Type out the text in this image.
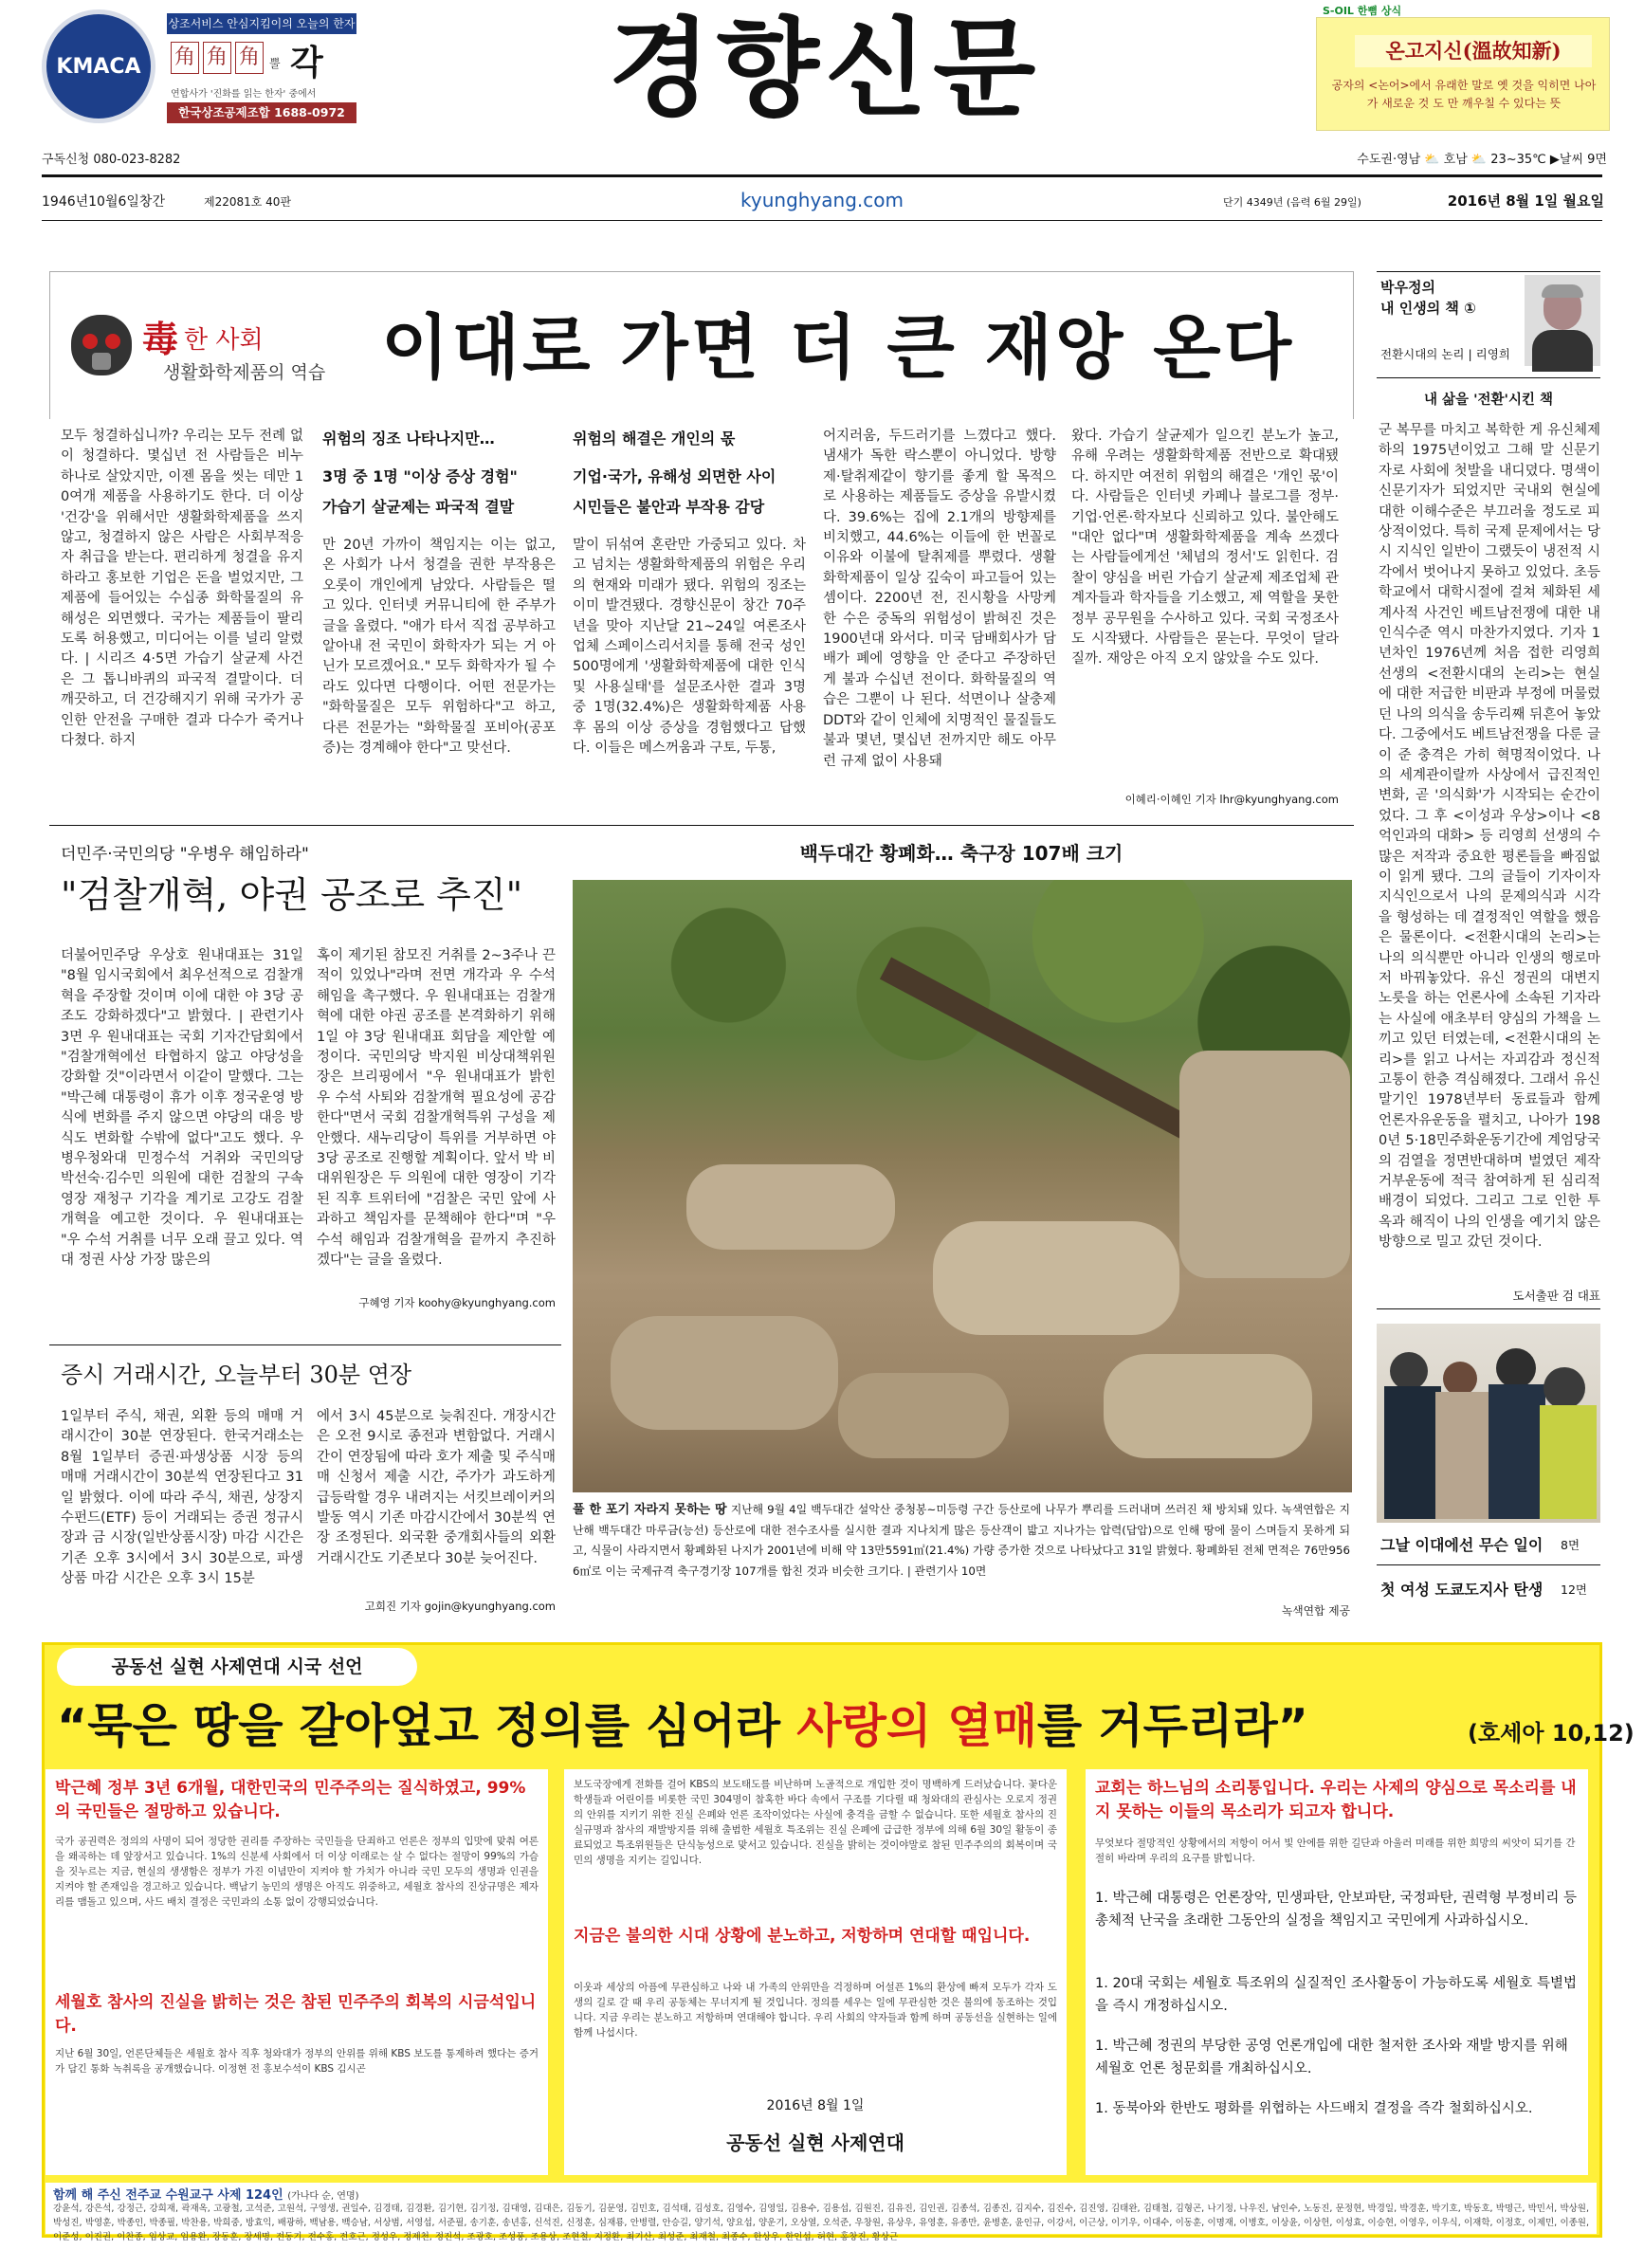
KMACA
상조서비스 안심지킴이의 오늘의 한자
角 角 角 뿔 각
연합사가 '진화를 읽는 한자' 중에서
한국상조공제조합 1688-0972	경향신문	S-OIL 한뼘 상식
온고지신(溫故知新)
공자의 <논어>에서 유래한 말로 옛 것을 익히면 나아가 새로운 것 도 만 깨우칠 수 있다는 뜻
구독신청 080-023-8282	수도권·영남 ⛅ 호남 ⛅ 23~35℃ ▶날씨 9면
1946년10월6일창간	제22081호 40판	kyunghyang.com	단기 4349년 (음력 6월 29일)	2016년 8월 1일 월요일
毒 한 사회
생활화학제품의 역습 이대로 가면 더 큰 재앙 온다
모두 청결하십니까? 우리는 모두 전례 없이 청결하다. 몇십년 전 사람들은 비누 하나로 살았지만, 이젠 몸을 씻는 데만 10여개 제품을 사용하기도 한다. 더 이상 '건강'을 위해서만 생활화학제품을 쓰지 않고, 청결하지 않은 사람은 사회부적응자 취급을 받는다. 편리하게 청결을 유지하라고 홍보한 기업은 돈을 벌었지만, 그 제품에 들어있는 수십종 화학물질의 유해성은 외면했다. 국가는 제품들이 팔리도록 허용했고, 미디어는 이를 널리 알렸다. | 시리즈 4·5면 가습기 살균제 사건은 그 톱니바퀴의 파국적 결말이다. 더 깨끗하고, 더 건강해지기 위해 국가가 공인한 안전을 구매한 결과 다수가 죽거나 다쳤다. 하지
위험의 징조 나타나지만…
3명 중 1명 "이상 증상 경험"
가습기 살균제는 파국적 결말
만 20년 가까이 책임지는 이는 없고, 온 사회가 나서 청결을 권한 부작용은 오롯이 개인에게 남았다. 사람들은 떨고 있다. 인터넷 커뮤니티에 한 주부가 글을 올렸다. "애가 타서 직접 공부하고 알아내 전 국민이 화학자가 되는 거 아닌가 모르겠어요." 모두 화학자가 될 수라도 있다면 다행이다. 어떤 전문가는 "화학물질은 모두 위험하다"고 하고, 다른 전문가는 "화학물질 포비아(공포증)는 경계해야 한다"고 맞선다.
위험의 해결은 개인의 몫
기업·국가, 유해성 외면한 사이
시민들은 불안과 부작용 감당
말이 뒤섞여 혼란만 가중되고 있다. 차고 넘치는 생활화학제품의 위험은 우리의 현재와 미래가 됐다. 위험의 징조는 이미 발견됐다. 경향신문이 창간 70주년을 맞아 지난달 21~24일 여론조사업체 스페이스리서치를 통해 전국 성인 500명에게 '생활화학제품에 대한 인식 및 사용실태'를 설문조사한 결과 3명 중 1명(32.4%)은 생활화학제품 사용 후 몸의 이상 증상을 경험했다고 답했다. 이들은 메스꺼움과 구토, 두통,
어지러움, 두드러기를 느꼈다고 했다. 냄새가 독한 락스뿐이 아니었다. 방향제·탈취제같이 향기를 좋게 할 목적으로 사용하는 제품들도 증상을 유발시켰다. 39.6%는 집에 2.1개의 방향제를 비치했고, 44.6%는 이들에 한 번꼴로 이유와 이불에 탈취제를 뿌렸다. 생활화학제품이 일상 깊숙이 파고들어 있는 셈이다. 2200년 전, 진시황을 사망케 한 수은 중독의 위험성이 밝혀진 것은 1900년대 와서다. 미국 담배회사가 담배가 폐에 영향을 안 준다고 주장하던 게 불과 수십년 전이다. 화학물질의 역습은 그뿐이 나 된다. 석면이나 살충제 DDT와 같이 인체에 치명적인 물질들도 불과 몇년, 몇십년 전까지만 해도 아무런 규제 없이 사용돼
왔다. 가습기 살균제가 일으킨 분노가 높고, 유해 우려는 생활화학제품 전반으로 확대됐다. 하지만 여전히 위험의 해결은 '개인 몫'이다. 사람들은 인터넷 카페나 블로그를 정부·기업·언론·학자보다 신뢰하고 있다. 불안해도 "대안 없다"며 생활화학제품을 계속 쓰겠다는 사람들에게선 '체념의 정서'도 읽힌다. 검찰이 양심을 버린 가습기 살균제 제조업체 관계자들과 학자들을 기소했고, 제 역할을 못한 정부 공무원을 수사하고 있다. 국회 국정조사도 시작됐다. 사람들은 묻는다. 무엇이 달라질까. 재앙은 아직 오지 않았을 수도 있다.
이혜리·이혜인 기자 lhr@kyunghyang.com
박우정의
내 인생의 책 ①
전환시대의 논리 | 리영희
내 삶을 '전환'시킨 책
군 복무를 마치고 복학한 게 유신체제 하의 1975년이었고 그해 말 신문기자로 사회에 첫발을 내디뎠다. 명색이 신문기자가 되었지만 국내외 현실에 대한 이해수준은 부끄러울 정도로 피상적이었다. 특히 국제 문제에서는 당시 지식인 일반이 그랬듯이 냉전적 시각에서 벗어나지 못하고 있었다. 초등학교에서 대학시절에 걸쳐 체화된 세계사적 사건인 베트남전쟁에 대한 내 인식수준 역시 마찬가지였다. 기자 1년차인 1976년께 처음 접한 리영희 선생의 <전환시대의 논리>는 현실에 대한 저급한 비판과 부정에 머물렀던 나의 의식을 송두리째 뒤흔어 놓았다. 그중에서도 베트남전쟁을 다룬 글이 준 충격은 가히 혁명적이었다. 나의 세계관이랄까 사상에서 급진적인 변화, 곧 '의식화'가 시작되는 순간이었다. 그 후 <이성과 우상>이나 <8억인과의 대화> 등 리영희 선생의 수많은 저작과 중요한 평론들을 빠짐없이 읽게 됐다. 그의 글들이 기자이자 지식인으로서 나의 문제의식과 시각을 형성하는 데 결정적인 역할을 했음은 물론이다. <전환시대의 논리>는 나의 의식뿐만 아니라 인생의 행로마저 바꿔놓았다. 유신 정권의 대변지 노릇을 하는 언론사에 소속된 기자라는 사실에 애초부터 양심의 가책을 느끼고 있던 터였는데, <전환시대의 논리>를 읽고 나서는 자괴감과 정신적 고통이 한층 격심해졌다. 그래서 유신 말기인 1978년부터 동료들과 함께 언론자유운동을 펼치고, 나아가 1980년 5·18민주화운동기간에 계엄당국의 검열을 정면반대하며 벌였던 제작거부운동에 적극 참여하게 된 심리적 배경이 되었다. 그리고 그로 인한 투옥과 해직이 나의 인생을 예기치 않은 방향으로 밀고 갔던 것이다.
도서출판 검 대표
그날 이대에선 무슨 일이 8면
첫 여성 도쿄도지사 탄생 12면
더민주·국민의당 "우병우 해임하라"
"검찰개혁, 야권 공조로 추진"
더불어민주당 우상호 원내대표는 31일 "8월 임시국회에서 최우선적으로 검찰개혁을 주장할 것이며 이에 대한 야 3당 공조도 강화하겠다"고 밝혔다. | 관련기사 3면 우 원내대표는 국회 기자간담회에서 "검찰개혁에선 타협하지 않고 야당성을 강화할 것"이라면서 이같이 말했다. 그는 "박근혜 대통령이 휴가 이후 정국운영 방식에 변화를 주지 않으면 야당의 대응 방식도 변화할 수밖에 없다"고도 했다. 우병우청와대 민정수석 거취와 국민의당 박선숙·김수민 의원에 대한 검찰의 구속영장 재청구 기각을 계기로 고강도 검찰개혁을 예고한 것이다. 우 원내대표는 "우 수석 거취를 너무 오래 끌고 있다. 역대 정권 사상 가장 많은의
혹이 제기된 참모진 거취를 2~3주나 끈적이 있었나"라며 전면 개각과 우 수석 해임을 촉구했다. 우 원내대표는 검찰개혁에 대한 야권 공조를 본격화하기 위해 1일 야 3당 원내대표 회담을 제안할 예정이다. 국민의당 박지원 비상대책위원장은 브리핑에서 "우 원내대표가 밝힌 우 수석 사퇴와 검찰개혁 필요성에 공감한다"면서 국회 검찰개혁특위 구성을 제안했다. 새누리당이 특위를 거부하면 야 3당 공조로 진행할 계획이다. 앞서 박 비대위원장은 두 의원에 대한 영장이 기각된 직후 트위터에 "검찰은 국민 앞에 사과하고 책임자를 문책해야 한다"며 "우 수석 해임과 검찰개혁을 끝까지 추진하겠다"는 글을 올렸다.
구혜영 기자 koohy@kyunghyang.com
증시 거래시간, 오늘부터 30분 연장
1일부터 주식, 채권, 외환 등의 매매 거래시간이 30분 연장된다. 한국거래소는 8월 1일부터 증권·파생상품 시장 등의 매매 거래시간이 30분씩 연장된다고 31일 밝혔다. 이에 따라 주식, 채권, 상장지수펀드(ETF) 등이 거래되는 증권 정규시장과 금 시장(일반상품시장) 마감 시간은 기존 오후 3시에서 3시 30분으로, 파생상품 마감 시간은 오후 3시 15분
에서 3시 45분으로 늦춰진다. 개장시간은 오전 9시로 종전과 변함없다. 거래시간이 연장됨에 따라 호가 제출 및 주식매매 신청서 제출 시간, 주가가 과도하게 급등락할 경우 내려지는 서킷브레이커의 발동 역시 기존 마감시간에서 30분씩 연장 조정된다. 외국환 중개회사들의 외환 거래시간도 기존보다 30분 늦어진다.
고희진 기자 gojin@kyunghyang.com
백두대간 황폐화… 축구장 107배 크기
풀 한 포기 자라지 못하는 땅 지난해 9월 4일 백두대간 설악산 중청봉~미등령 구간 등산로에 나무가 뿌리를 드러내며 쓰러진 채 방치돼 있다. 녹색연합은 지난해 백두대간 마루금(능선) 등산로에 대한 전수조사를 실시한 결과 지나치게 많은 등산객이 밟고 지나가는 압력(답압)으로 인해 땅에 물이 스며들지 못하게 되고, 식물이 사라지면서 황폐화된 나지가 2001년에 비해 약 13만5591㎡(21.4%) 가량 증가한 것으로 나타났다고 31일 밝혔다. 황폐화된 전체 면적은 76만9566㎡로 이는 국제규격 축구경기장 107개를 합친 것과 비슷한 크기다. | 관련기사 10면
녹색연합 제공
공동선 실현 사제연대 시국 선언
“묵은 땅을 갈아엎고 정의를 심어라 사랑의 열매를 거두리라”	(호세아 10,12)
박근혜 정부 3년 6개월, 대한민국의 민주주의는 질식하였고, 99%의 국민들은 절망하고 있습니다.
국가 공권력은 정의의 사명이 되어 정당한 권리를 주장하는 국민들을 단죄하고 언론은 정부의 입맛에 맞춰 여론을 왜곡하는 데 앞장서고 있습니다. 1%의 신분세 사회에서 더 이상 이래로는 살 수 없다는 절망이 99%의 가슴을 짓누르는 지금, 현실의 생생함은 정부가 가진 이념만이 지켜야 할 가치가 아니라 국민 모두의 생명과 인권을 지켜야 할 존재임을 경고하고 있습니다. 백남기 농민의 생명은 아직도 위중하고, 세월호 참사의 진상규명은 제자리를 맴돌고 있으며, 사드 배치 결정은 국민과의 소통 없이 강행되었습니다.
세월호 참사의 진실을 밝히는 것은 참된 민주주의 회복의 시금석입니다.
지난 6월 30일, 언론단체들은 세월호 참사 직후 청와대가 정부의 안위를 위해 KBS 보도를 통제하려 했다는 증거가 담긴 통화 녹취록을 공개했습니다. 이정현 전 홍보수석이 KBS 김시곤
보도국장에게 전화를 걸어 KBS의 보도태도를 비난하며 노골적으로 개입한 것이 명백하게 드러났습니다. 꽃다운 학생들과 어린이를 비롯한 국민 304명이 참혹한 바다 속에서 구조를 기다릴 때 청와대의 관심사는 오로지 정권의 안위를 지키기 위한 진실 은폐와 언론 조작이었다는 사실에 충격을 금할 수 없습니다. 또한 세월호 참사의 진실규명과 참사의 재발방지를 위해 출범한 세월호 특조위는 진실 은폐에 급급한 정부에 의해 6월 30일 활동이 종료되었고 특조위원들은 단식농성으로 맞서고 있습니다. 진실을 밝히는 것이야말로 참된 민주주의의 회복이며 국민의 생명을 지키는 길입니다.
지금은 불의한 시대 상황에 분노하고, 저항하며 연대할 때입니다.
이웃과 세상의 아픔에 무관심하고 나와 내 가족의 안위만을 걱정하며 어설픈 1%의 환상에 빠져 모두가 각자 도생의 길로 갈 때 우리 공동체는 무너지게 될 것입니다. 정의를 세우는 일에 무관심한 것은 불의에 동조하는 것입니다. 지금 우리는 분노하고 저항하며 연대해야 합니다. 우리 사회의 약자들과 함께 하며 공동선을 실현하는 일에 함께 나섭시다.
2016년 8월 1일
공동선 실현 사제연대
교회는 하느님의 소리통입니다. 우리는 사제의 양심으로 목소리를 내지 못하는 이들의 목소리가 되고자 합니다.
무엇보다 절망적인 상황에서의 저항이 어서 빛 안에를 위한 길단과 아울러 미래를 위한 희망의 씨앗이 되기를 간절히 바라며 우리의 요구를 밝힙니다.
1. 박근혜 대통령은 언론장악, 민생파탄, 안보파탄, 국정파탄, 권력형 부정비리 등 총체적 난국을 초래한 그동안의 실정을 책임지고 국민에게 사과하십시오.
1. 20대 국회는 세월호 특조위의 실질적인 조사활동이 가능하도록 세월호 특별법을 즉시 개정하십시오.
1. 박근혜 정권의 부당한 공영 언론개입에 대한 철저한 조사와 재발 방지를 위해 세월호 언론 청문회를 개최하십시오.
1. 동북아와 한반도 평화를 위협하는 사드배치 결정을 즉각 철회하십시오.
함께 해 주신 전주교 수원교구 사제 124인 (가나다 순, 연명)
강윤석, 강은석, 강정근, 강희재, 곽재옥, 고광철, 고석준, 고원석, 구영생, 권일수, 김경태, 김경환, 김기현, 김기정, 김대영, 김대은, 김동기, 김문영, 김민호, 김석태, 김성호, 김영수, 김영일, 김용수, 김용섭, 김원진, 김유진, 김인권, 김종석, 김종진, 김지수, 김진수, 김진영, 김태완, 김태철, 김형곤, 나기정, 나우진, 남인수, 노동진, 문정현, 박경일, 박경훈, 박기호, 박동호, 박명근, 박민서, 박상원, 박성진, 박영훈, 박종인, 박종필, 박찬용, 박희중, 방효익, 배광하, 백남용, 백승남, 서상범, 서영섭, 서준필, 송기훈, 송년홍, 신석진, 신정훈, 심재룡, 안병렬, 안승길, 양기석, 양요섭, 양운기, 오상열, 오석준, 우창원, 유상우, 유영훈, 유종만, 윤병훈, 윤인규, 이강서, 이근상, 이기우, 이대수, 이동훈, 이명재, 이병호, 이상윤, 이상헌, 이성효, 이승현, 이영우, 이우식, 이재학, 이정호, 이제민, 이종원, 이준성, 이진권, 이찬종, 임상교, 임용환, 장동훈, 장세명, 전동기, 전수홍, 전호근, 정성우, 정제천, 정진석, 조광호, 조성풍, 조용상, 조현철, 지정환, 최기산, 최성준, 최재철, 최종수, 한상우, 한인섭, 허현, 홍창진, 황상근
